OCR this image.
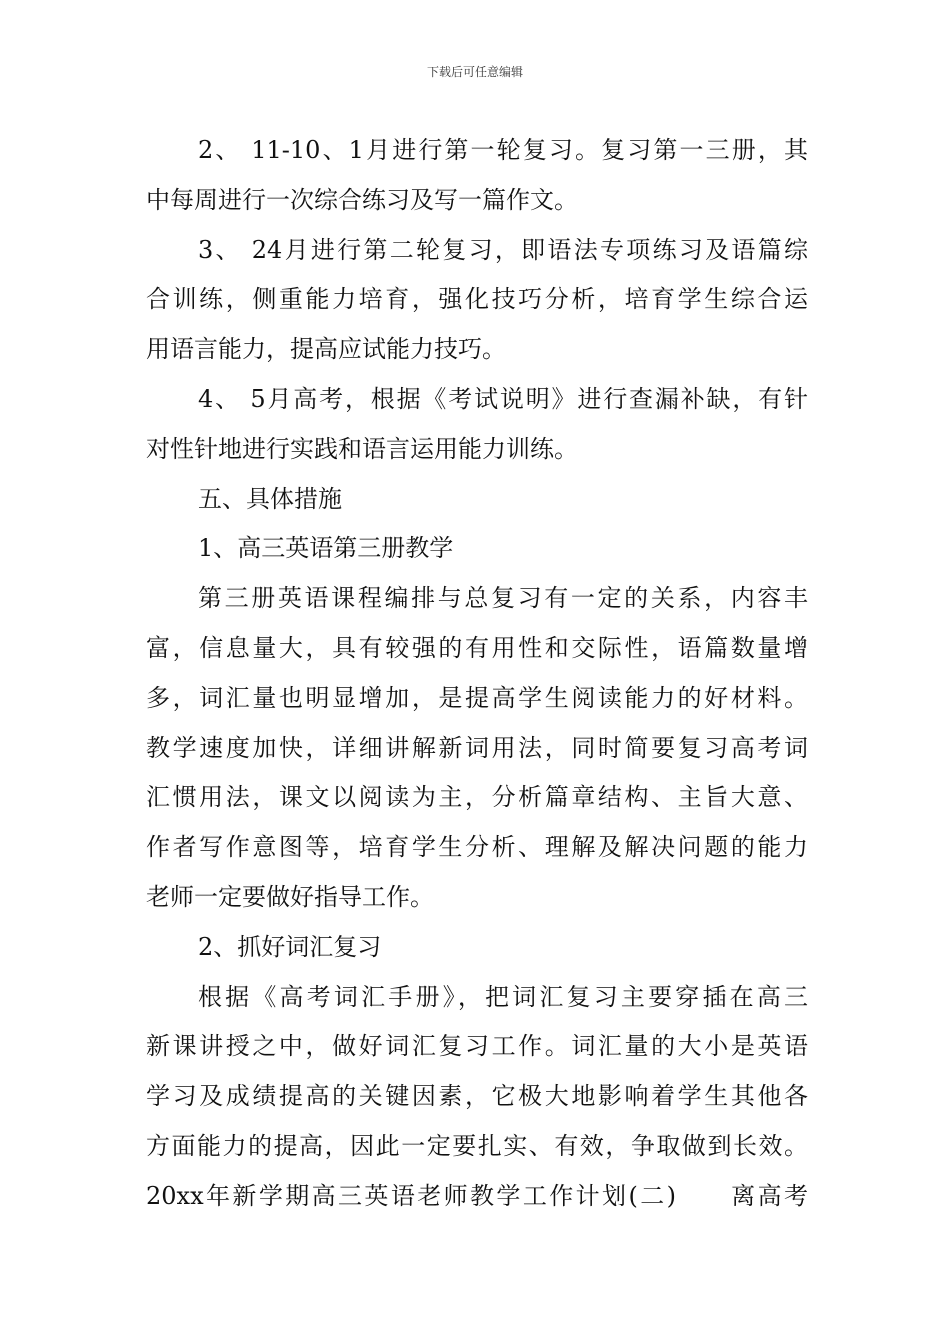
下载后可任意编辑
2、 11-10、1月进行第一轮复习。复习第一三册，其
中每周进行一次综合练习及写一篇作文。
3、 24月进行第二轮复习，即语法专项练习及语篇综
合训练，侧重能力培育，强化技巧分析，培育学生综合运
用语言能力，提高应试能力技巧。
4、 5月高考，根据《考试说明》进行查漏补缺，有针
对性针地进行实践和语言运用能力训练。
五、具体措施
1、高三英语第三册教学
第三册英语课程编排与总复习有一定的关系，内容丰
富，信息量大，具有较强的有用性和交际性，语篇数量增
多，词汇量也明显增加，是提高学生阅读能力的好材料。
教学速度加快，详细讲解新词用法，同时简要复习高考词
汇惯用法，课文以阅读为主，分析篇章结构、主旨大意、
作者写作意图等，培育学生分析、理解及解决问题的能力
老师一定要做好指导工作。
2、抓好词汇复习
根据《高考词汇手册》，把词汇复习主要穿插在高三
新课讲授之中，做好词汇复习工作。词汇量的大小是英语
学习及成绩提高的关键因素，它极大地影响着学生其他各
方面能力的提高，因此一定要扎实、有效，争取做到长效。
20xx年新学期高三英语老师教学工作计划(二)　　离高考
